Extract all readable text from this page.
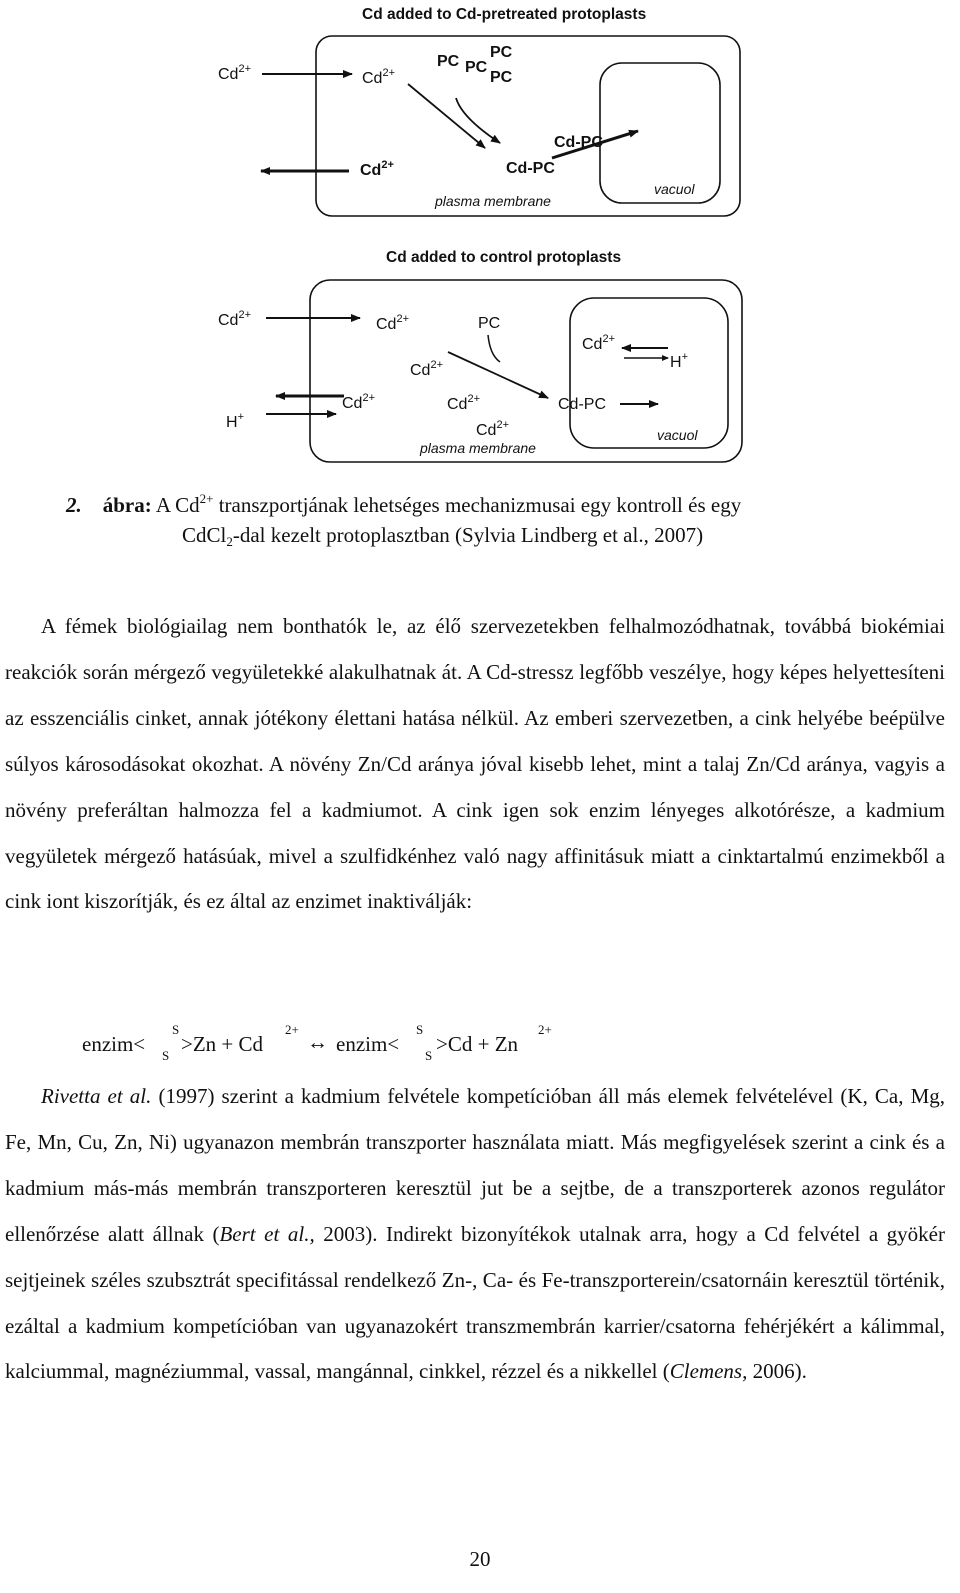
Cd added to Cd-pretreated protoplasts
$Cd^{2+}$
$Cd^{2+}$
$Cd^{2+}$
PC
PC
PC
PC
Cd-PC
Cd-PC
plasma membrane
vacuol
Cd added to control protoplasts
$Cd^{2+}$
$Cd^{2+}$	PC
$Cd^{2+}$
$Cd^{2+}$
H+
H+
$Cd^{2+}$	$Cd^{2+}$	Cd-PC
$Cd^{2+}$
plasma membrane
vacuol
2. ábra: A $Cd^{2+}$ transzportjának lehetséges mechanizmusai egy kontroll és egy
CdCl$_2$-dal kezelt protoplasztban (Sylvia Lindberg et al., 2007)
A fémek biológiailag nem bonthatók le, az élő szervezetekben felhalmozódhatnak, továbbá biokémiai reakciók során mérgező vegyületekké alakulhatnak át. A Cd-stressz legfőbb veszélye, hogy képes helyettesíteni az esszenciális cinket, annak jótékony élettani hatása nélkül. Az emberi szervezetben, a cink helyébe beépülve súlyos károsodásokat okozhat. A növény Zn/Cd aránya jóval kisebb lehet, mint a talaj Zn/Cd aránya, vagyis a növény preferáltan halmozza fel a kadmiumot. A cink igen sok enzim lényeges alkotórésze, a kadmium vegyületek mérgező hatásúak, mivel a szulfidkénhez való nagy affinitásuk miatt a cinktartalmú enzimekből a cink iont kiszorítják, és ez által az enzimet inaktiválják:
enzim<
S
S >Zn + Cd
2+
↔ enzim<
S
S >Cd + Zn
2+
Rivetta et al. (1997) szerint a kadmium felvétele kompetícióban áll más elemek felvételével (K, Ca, Mg, Fe, Mn, Cu, Zn, Ni) ugyanazon membrán transzporter használata miatt. Más megfigyelések szerint a cink és a kadmium más-más membrán transzporteren keresztül jut be a sejtbe, de a transzporterek azonos regulátor ellenőrzése alatt állnak (Bert et al., 2003). Indirekt bizonyítékok utalnak arra, hogy a Cd felvétel a gyökér sejtjeinek széles szubsztrát specifitással rendelkező Zn-, Ca- és Fe-transzporterein/csatornáin keresztül történik, ezáltal a kadmium kompetícióban van ugyanazokért transzmembrán karrier/csatorna fehérjékért a kálimmal, kalciummal, magnéziummal, vassal, mangánnal, cinkkel, rézzel és a nikkellel (Clemens, 2006).
20
